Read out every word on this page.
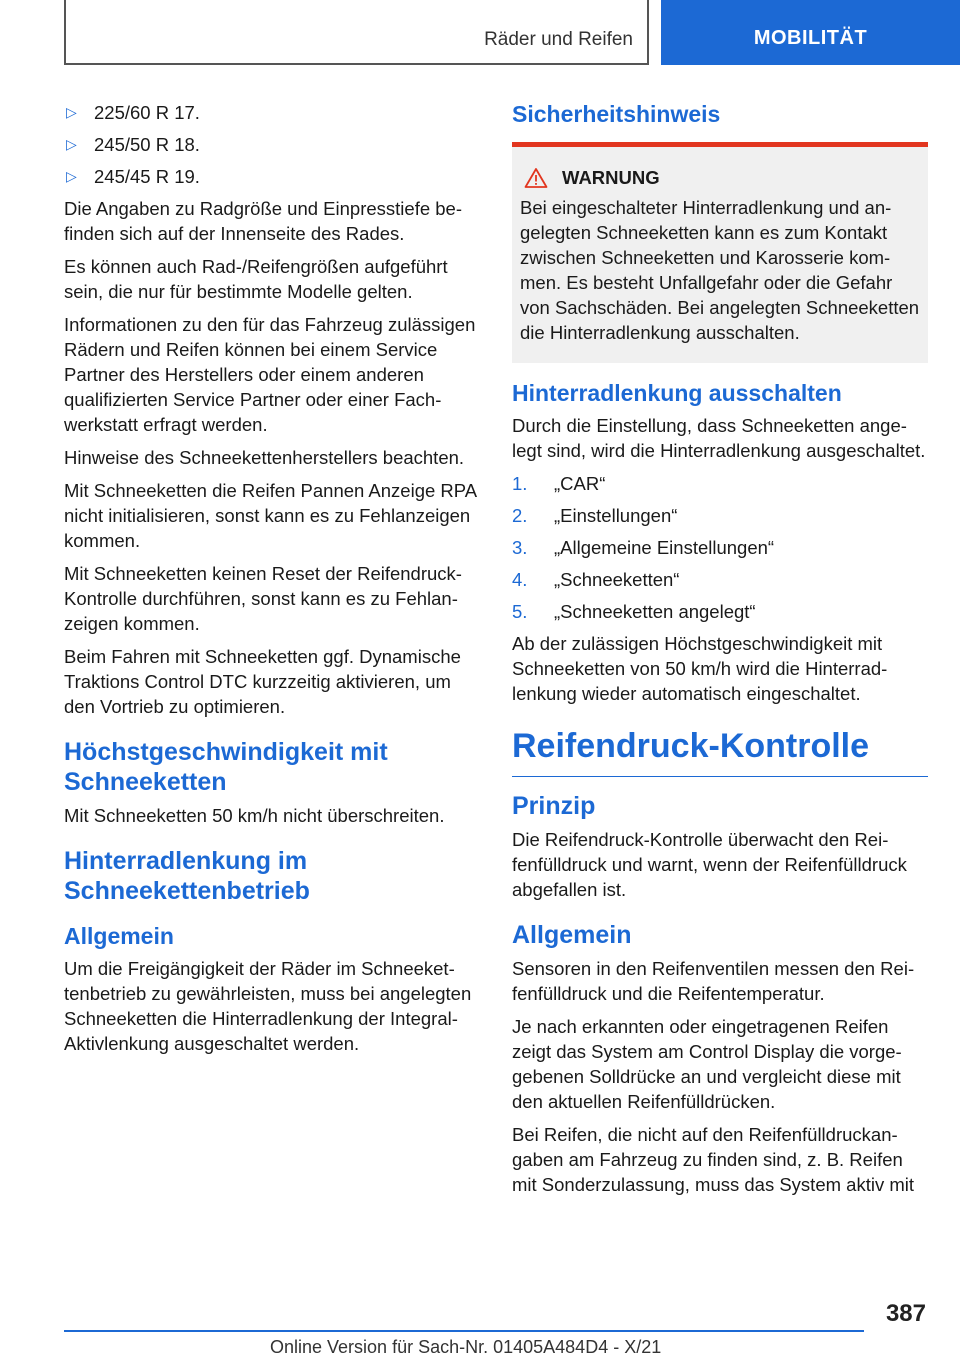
Räder und Reifen	MOBILITÄT
▷ 225/60 R 17.
▷ 245/50 R 18.
▷ 245/45 R 19.

Die Angaben zu Radgröße und Einpresstiefe befinden sich auf der Innenseite des Rades.

Es können auch Rad-/Reifengrößen aufgeführt sein, die nur für bestimmte Modelle gelten.

Informationen zu den für das Fahrzeug zulässigen Rädern und Reifen können bei einem Service Partner des Herstellers oder einem anderen qualifizierten Service Partner oder einer Fachwerkstatt erfragt werden.

Hinweise des Schneekettenherstellers beachten.

Mit Schneeketten die Reifen Pannen Anzeige RPA nicht initialisieren, sonst kann es zu Fehlanzeigen kommen.

Mit Schneeketten keinen Reset der Reifendruck-Kontrolle durchführen, sonst kann es zu Fehlanzeigen kommen.

Beim Fahren mit Schneeketten ggf. Dynamische Traktions Control DTC kurzzeitig aktivieren, um den Vortrieb zu optimieren.

Höchstgeschwindigkeit mit Schneeketten

Mit Schneeketten 50 km/h nicht überschreiten.

Hinterradlenkung im Schneekettenbetrieb
Allgemein

Um die Freigängigkeit der Räder im Schneekettenbetrieb zu gewährleisten, muss bei angelegten Schneeketten die Hinterradlenkung der Integral-Aktivlenkung ausgeschaltet werden.

Sicherheitshinweis
WARNUNG

Bei eingeschalteter Hinterradlenkung und angelegten Schneeketten kann es zum Kontakt zwischen Schneeketten und Karosserie kommen. Es besteht Unfallgefahr oder die Gefahr von Sachschäden. Bei angelegten Schneeketten die Hinterradlenkung ausschalten.

Hinterradlenkung ausschalten

Durch die Einstellung, dass Schneeketten angelegt sind, wird die Hinterradlenkung ausgeschaltet.

1. „CAR“
2. „Einstellungen“
3. „Allgemeine Einstellungen“
4. „Schneeketten“
5. „Schneeketten angelegt“

Ab der zulässigen Höchstgeschwindigkeit mit Schneeketten von 50 km/h wird die Hinterradlenkung wieder automatisch eingeschaltet.

Reifendruck-Kontrolle
Prinzip

Die Reifendruck-Kontrolle überwacht den Reifenfülldruck und warnt, wenn der Reifenfülldruck abgefallen ist.

Allgemein

Sensoren in den Reifenventilen messen den Reifenfülldruck und die Reifentemperatur.

Je nach erkannten oder eingetragenen Reifen zeigt das System am Control Display die vorgegebenen Solldrücke an und vergleicht diese mit den aktuellen Reifenfülldrücken.

Bei Reifen, die nicht auf den Reifenfülldruckangaben am Fahrzeug zu finden sind, z. B. Reifen mit Sonderzulassung, muss das System aktiv mit

387
Online Version für Sach-Nr. 01405A484D4 - X/21
